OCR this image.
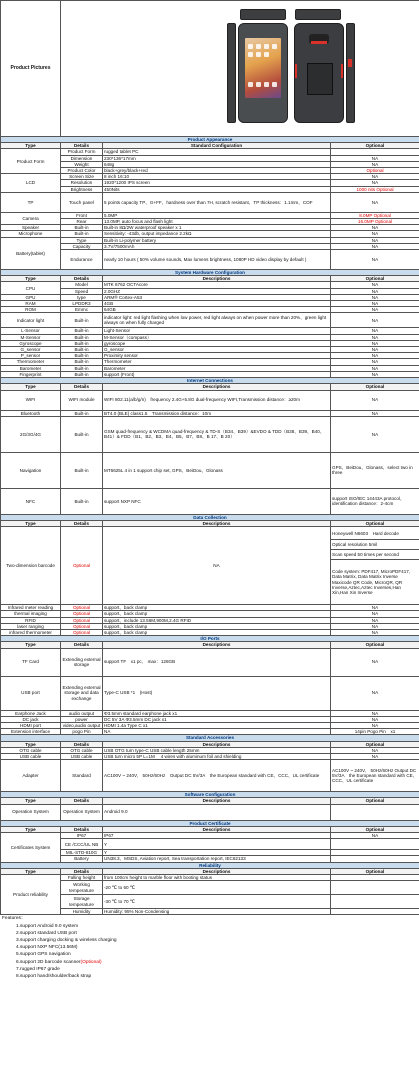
Product Pictures			

Product Appearance			
Type	Details	Standard Configuration	Optional
Product Form	Product Form	rugged tablet PC	
	Dimension	230*136*17mm	NA
	Weight	648g	NA
	Product Color	black+grey/black+red	Optional
LCD	Screen Size	8 inch 16:10	NA
	Resolution	1920*1200 IPS screen	NA
	Brightness	450Nits	1000 nits Optional
TP	Touch panel	5 points capacity TP、G+FF、hardness over than 7H, scratch resistant、TP thickness：1.1mm、COF	NA
Camera	Front	5.0MP	8.0MP Optional
	Rear	13.0MP, auto focus and flash light	16.0MP Optional
Speaker	Built-in	Built-in 8Ω/2W waterproof speaker x 1	NA
Microphone	Built-in	Sensitivity: -43db, output impedance 2.2kΩ	NA
Battery(tablet)	Type	Built-in Li-polymer battery	NA
	Capacity	3.7V/7500mAh	NA
	Endurance	nearly 10 hours ( 50% volume sounds, Max lumens brightness, 1080P HD video display by default )	NA
System Hardware Configuration			
Type	Details	Descriptions	Optional
CPU	Model	MTK 6762 OCTAcore	NA
	Speed	2.0GHZ	NA
GPU	type	ARM® Cortex-A53	NA
RAM	LPDDR3	4GB	NA
ROM	Emmc	64GB	NA
Indicator light	Built-in	indicator light: red light flashing when low power, red light always on when power more than 20%、green light always on when fully charged	NA
L-Sensor	Built-in	Light-Sensor	NA
M-Sensor	Built-in	M-Sensor（compass）	NA
Gyroscope	Built-in	gyroscope	NA
G_sensor	Built-in	G_sensor	NA
P_sensor	Built-in	Proximity sensor	NA
Thermometer	Built-in	Thermometer	NA
Barometer	Built-in	Barometer	NA
Fingerprint	Built-in	support (Front)	NA
Internet Connections			
Type	Details	Descriptions	Optional
WIFI	WIFI module	WIFI 802.11(a/b/g/n)　frequency 2.4G+5.8G dual-frequency WIFI,Transmission distance：≥20m	NA
Bluetooth	Built-in	BT4.0 (BLE) class1.5　Transmission distance：10m	NA
2G/3G/4G	Built-in	GSM quad-frequency & WCDMA quad-frequency & TD-S（B34、B39）&EVDO & TDD（B38、B39、B40、B41）& FDD（B1、B2、B3、B4、B5、B7、B8、B 17、B 20）	NA
Navigation	Built-in	MT6625L 4 in 1 support chip set, GPS、BeiDou、Glonass	GPS、BeiDou、Glonass、select two in three
NFC	Built-in	support NXP NFC	support ISO/IEC 14443A protocol、identification distance：2-4cm
Data Collection			
Type	Details	Descriptions	Optional
Two-dimension barcode	Optional	NA	Honeywell N6603　Hard decode
			Optical resolution 5mil
			Scan speed 50 times per second
			Code system: PDF417, MicroPDF417, Data Matrix, Data Matrix Inverse　Maxicode QR Code, MicroQR, QR Inverse,Aztec,Aztec Inverses,Han Xin,Han Xin Inverse
Infrared meter reading	Optional	support、back clamp	NA
thermal imaging	Optional	support、back clamp	NA
RFID	Optional	support、include 13.56M,900M,2.4G RFID	NA
laser ranging	Optional	support、back clamp	NA
infrared thermometer	Optional	support、back clamp	NA
I/O Ports			
Type	Details	Descriptions	Optional
TF Card	Extending external storage	support TF　x1 pc,　max：128GB	NA
USB port	Extending external storage and data exchange	Type-C USB *1　(Host)	NA
Earphone Jack	audio output	Φ3.5mm standard earphone jack x1	NA
DC jack	power	DC 5V 3A Φ3.5mm DC jack x1	NA
HDMI port	video,audio output	HDMI 1.4a Type C x1	NA
Extension interface	pogo Pin	NA	14pin Pogo Pin　x1
Standard Accessories			
Type	Details	Descriptions	Optional
OTG cable	OTG cable	USB OTG turn type-C USB cable length 25mm	NA
USB cable	USB cable	USB turn micro 5P L=1M　 4 wires with aluminum foil and shielding	NA
Adapter	Standard	AC100V ~ 240V,　50Hz/60Hz　Output DC 5V/3A　the European standard with CE、CCC、UL certificate	AC100V ~ 240V,　50Hz/60Hz Output DC 5V/3A　the European standard with CE、CCC、UL certificate
Software Configuration			
Type	Details	Descriptions	Optional
Operation System	Operation System	Android 9.0	
Product Certificate			
Type	Details	Descriptions	Optional
Certificates System	IP67	IP67	NA
	CE /CCC/UL NB	Y	
	MIL-STD-810G	Y	
	Battery	UN38.3、MSDS, Aviation report, Sea transportation report, IEC62133	
Reliability			
Type	Details	Descriptions	Optional
Product reliability	Falling height	from 100cm height to marble floor with booting status	
	Working temperature	-20 ℃ to 60 ℃	
	Storage temperature	-30 ℃ to 70 ℃	
	Humidity	Humidity: 95% Non-Condensing	
Features：
1.support Android 9.0 system
2.support standard USB port
3.support charging docking & wireless charging
4.support NXP NFC(13.56M)
5.support GPS navigation
6.support 2D barcode scanner(Optional)
7.rugged IP67 grade
8.support hand/shoulder/back strap
